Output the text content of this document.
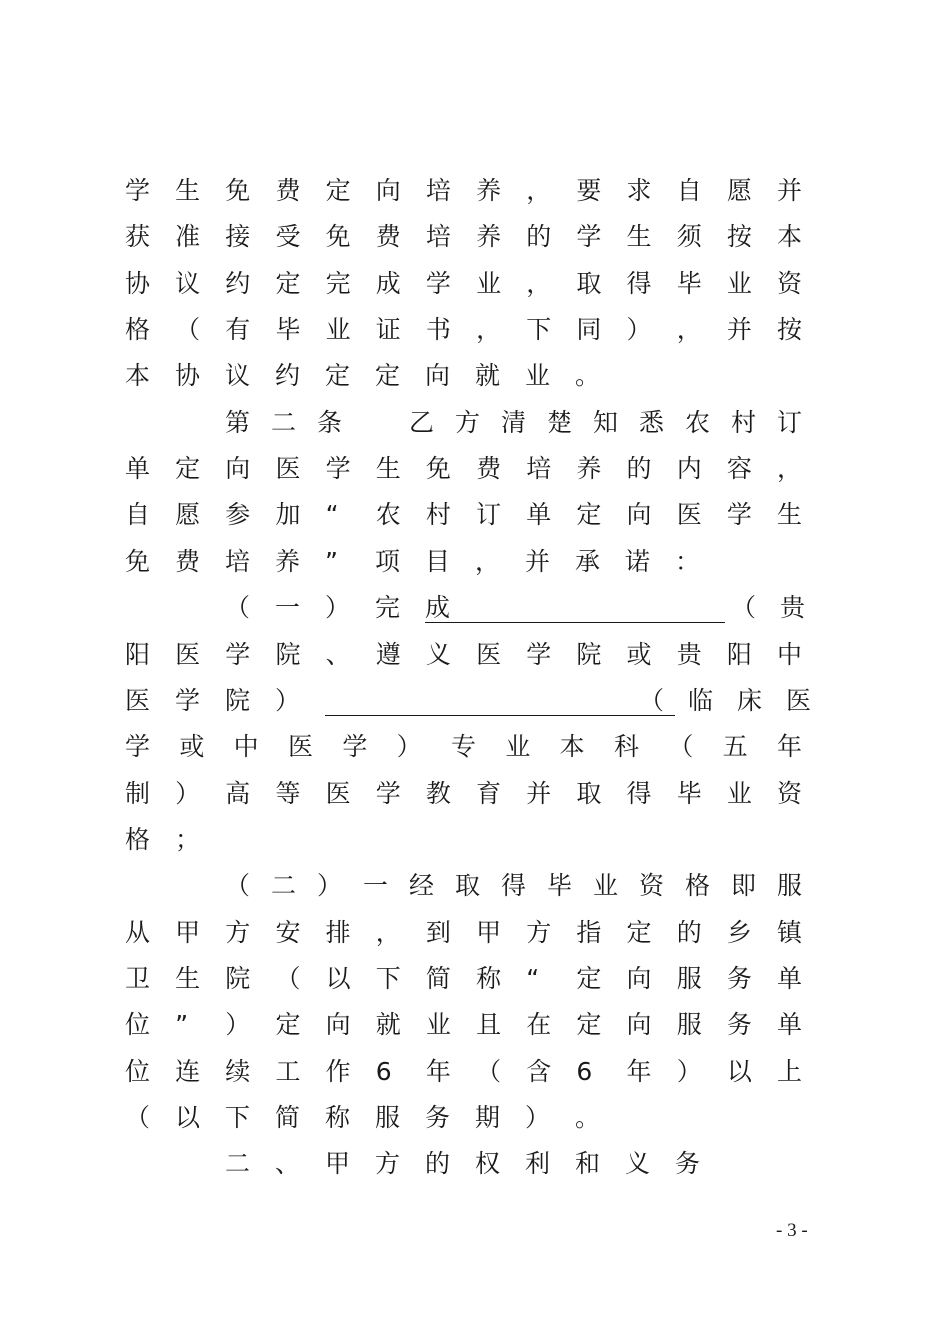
学 生 免 费 定 向 培 养 ， 要 求 自 愿 并
获 准 接 受 免 费 培 养 的 学 生 须 按 本
协 议 约 定 完 成 学 业 ， 取 得 毕 业 资
格 （ 有 毕 业 证 书 ， 下 同 ） ， 并 按
本 协 议 约 定 定 向 就 业 。
第 二 条
　	乙 方 清 楚 知 悉 农 村 订
单 定 向 医 学 生 免 费 培 养 的 内 容 ，
自 愿 参 加 “ 农 村 订 单 定 向 医 学 生
免 费 培 养 ” 项 目 ， 并 承 诺 ：
（ 一 ） 完 成	（贵
阳 医 学 院 、 遵 义 医 学 院 或 贵 阳 中
医 学 院 ）	（临床医
学 或 中 医 学 ） 专 业 本 科 （ 五 年
制 ） 高 等 医 学 教 育 并 取 得 毕 业 资
格 ；
（ 二 ） 一 经 取 得 毕 业 资 格 即 服
从 甲 方 安 排 ， 到 甲 方 指 定 的 乡 镇
卫 生 院 （ 以 下 简 称 “ 定 向 服 务 单
位 ” ） 定 向 就 业 且 在 定 向 服 务 单
位 连 续 工 作 6 年 （ 含 6 年 ） 以 上
（ 以 下 简 称 服 务 期 ） 。
二 、 甲 方 的 权 利 和 义 务
- 3 -
